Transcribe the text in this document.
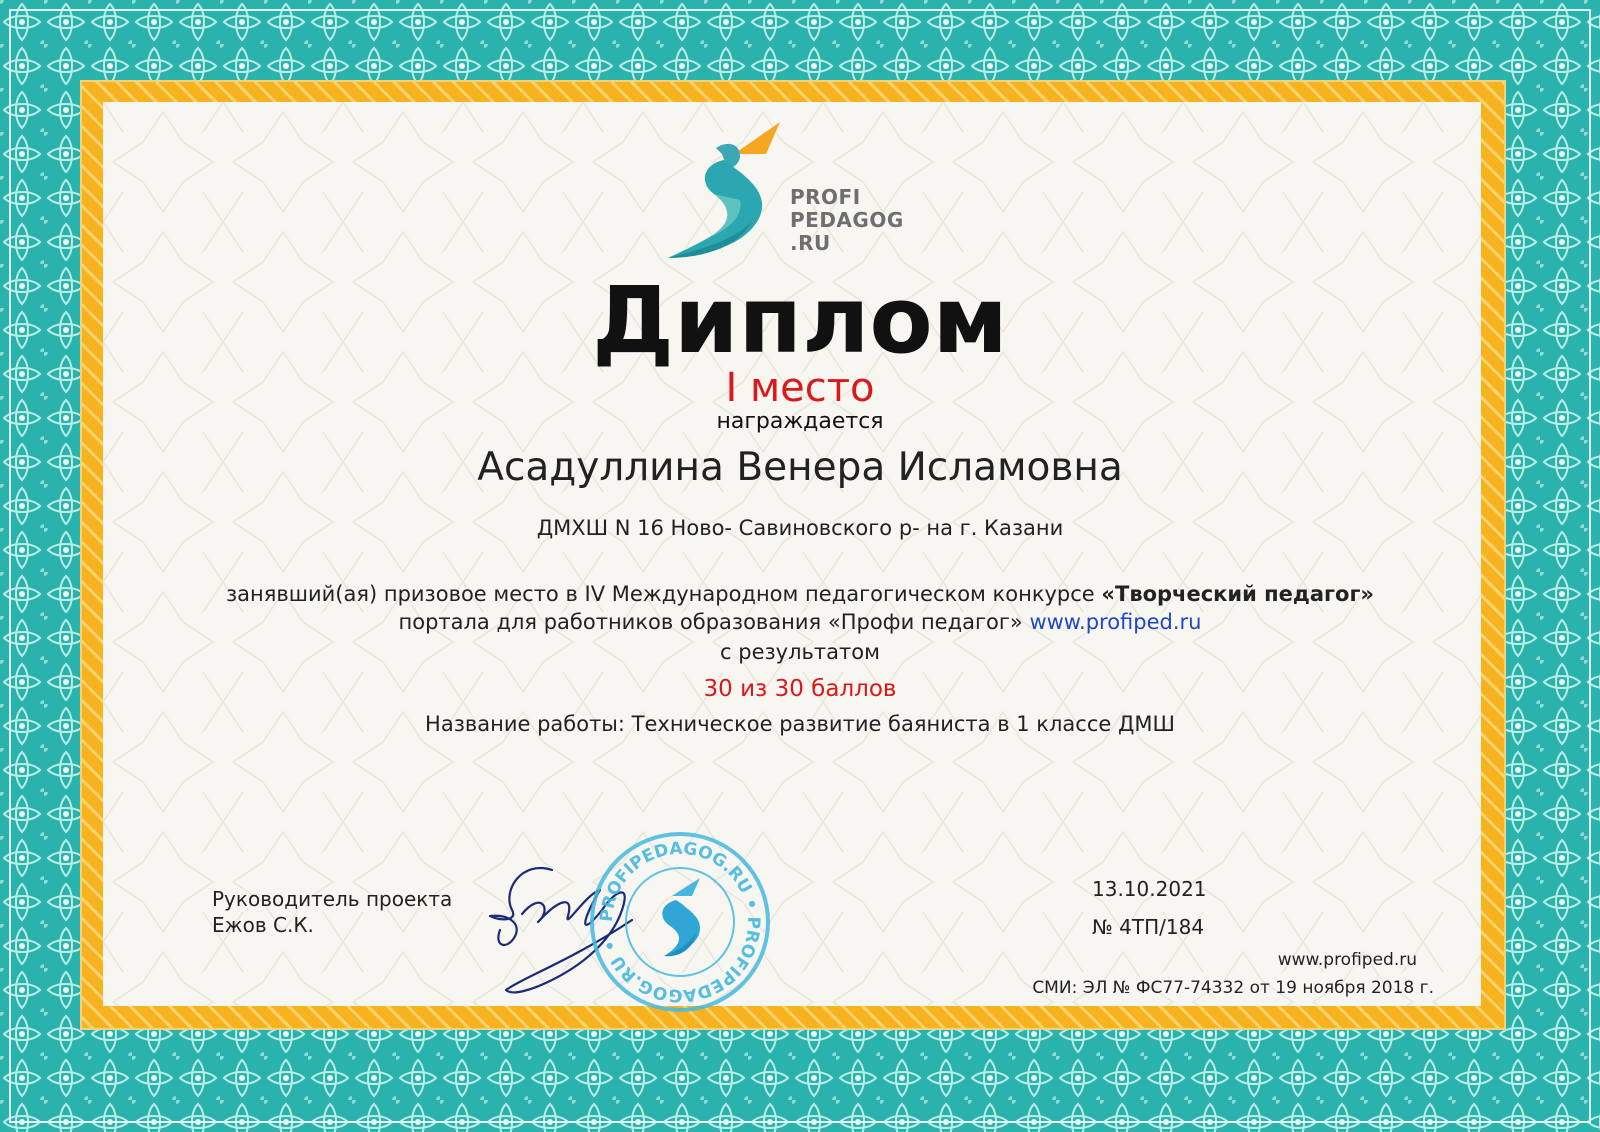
PROFI
PEDAGOG
.RU
Диплом
I место
награждается
Асадуллина Венера Исламовна
ДМХШ N 16 Ново- Савиновского р- на г. Казани
занявший(ая) призовое место в IV Международном педагогическом конкурсе «Творческий педагог»
портала для работников образования «Профи педагог» www.profiped.ru
с результатом
30 из 30 баллов
Название работы: Техническое развитие баяниста в 1 классе ДМШ
Руководитель проекта
Ежов С.К.	PROFIPEDAGOG.RU • PROFIPEDAGOG.RU •
13.10.2021
№ 4ТП/184
www.profiped.ru
СМИ: ЭЛ № ФС77-74332 от 19 ноября 2018 г.
